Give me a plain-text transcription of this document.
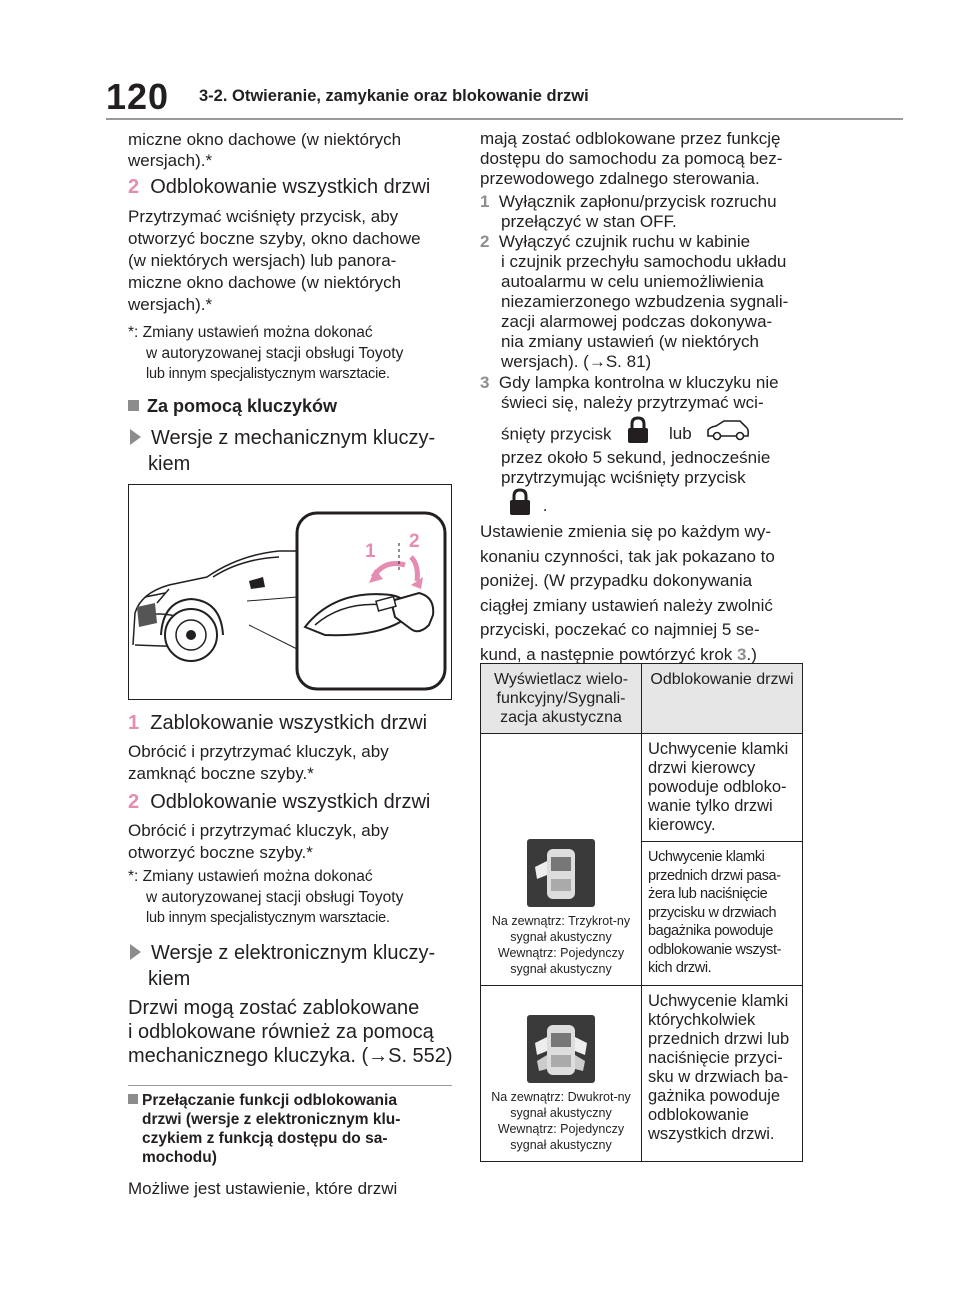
120 3-2. Otwieranie, zamykanie oraz blokowanie drzwi
miczne okno dachowe (w niektórych
wersjach).*
2 Odblokowanie wszystkich drzwi
Przytrzymać wciśnięty przycisk, aby
otworzyć boczne szyby, okno dachowe
(w niektórych wersjach) lub panora-
miczne okno dachowe (w niektórych
wersjach).*
*: Zmiany ustawień można dokonać
w autoryzowanej stacji obsługi Toyoty
lub innym specjalistycznym warsztacie.
Za pomocą kluczyków
Wersje z mechanicznym kluczy-
kiem
1 2
1 Zablokowanie wszystkich drzwi
Obrócić i przytrzymać kluczyk, aby
zamknąć boczne szyby.*
2 Odblokowanie wszystkich drzwi
Obrócić i przytrzymać kluczyk, aby
otworzyć boczne szyby.*
*: Zmiany ustawień można dokonać
w autoryzowanej stacji obsługi Toyoty
lub innym specjalistycznym warsztacie.
Wersje z elektronicznym kluczy-
kiem
Drzwi mogą zostać zablokowane
i odblokowane również za pomocą
mechanicznego kluczyka. (→S. 552)
Przełączanie funkcji odblokowania
drzwi (wersje z elektronicznym klu-
czykiem z funkcją dostępu do sa-
mochodu)
Możliwe jest ustawienie, które drzwi
mają zostać odblokowane przez funkcję
dostępu do samochodu za pomocą bez-
przewodowego zdalnego sterowania.
1 Wyłącznik zapłonu/przycisk rozruchu
przełączyć w stan OFF.
2 Wyłączyć czujnik ruchu w kabinie
i czujnik przechyłu samochodu układu
autoalarmu w celu uniemożliwienia
niezamierzonego wzbudzenia sygnali-
zacji alarmowej podczas dokonywa-
nia zmiany ustawień (w niektórych
wersjach). (→S. 81)
3 Gdy lampka kontrolna w kluczyku nie
świeci się, należy przytrzymać wci-
śnięty przycisk	lub
przez około 5 sekund, jednocześnie
przytrzymując wciśnięty przycisk
.
Ustawienie zmienia się po każdym wy-
konaniu czynności, tak jak pokazano to
poniżej. (W przypadku dokonywania
ciągłej zmiany ustawień należy zwolnić
przyciski, poczekać co najmniej 5 se-
kund, a następnie powtórzyć krok 3.)
Wyświetlacz wielo-funkcyjny/Sygnali-zacja akustyczna	Odblokowanie drzwi

Na zewnątrz: Trzykrot-ny sygnał akustyczny Wewnątrz: Pojedynczy sygnał akustyczny	Uchwycenie klamki drzwi kierowcy powoduje odbloko-wanie tylko drzwi kierowcy.
	Uchwycenie klamki przednich drzwi pasa-żera lub naciśnięcie przycisku w drzwiach bagażnika powoduje odblokowanie wszyst-kich drzwi.

Na zewnątrz: Dwukrot-ny sygnał akustyczny Wewnątrz: Pojedynczy sygnał akustyczny	Uchwycenie klamki którychkolwiek przednich drzwi lub naciśnięcie przyci-sku w drzwiach ba-gażnika powoduje odblokowanie wszystkich drzwi.
